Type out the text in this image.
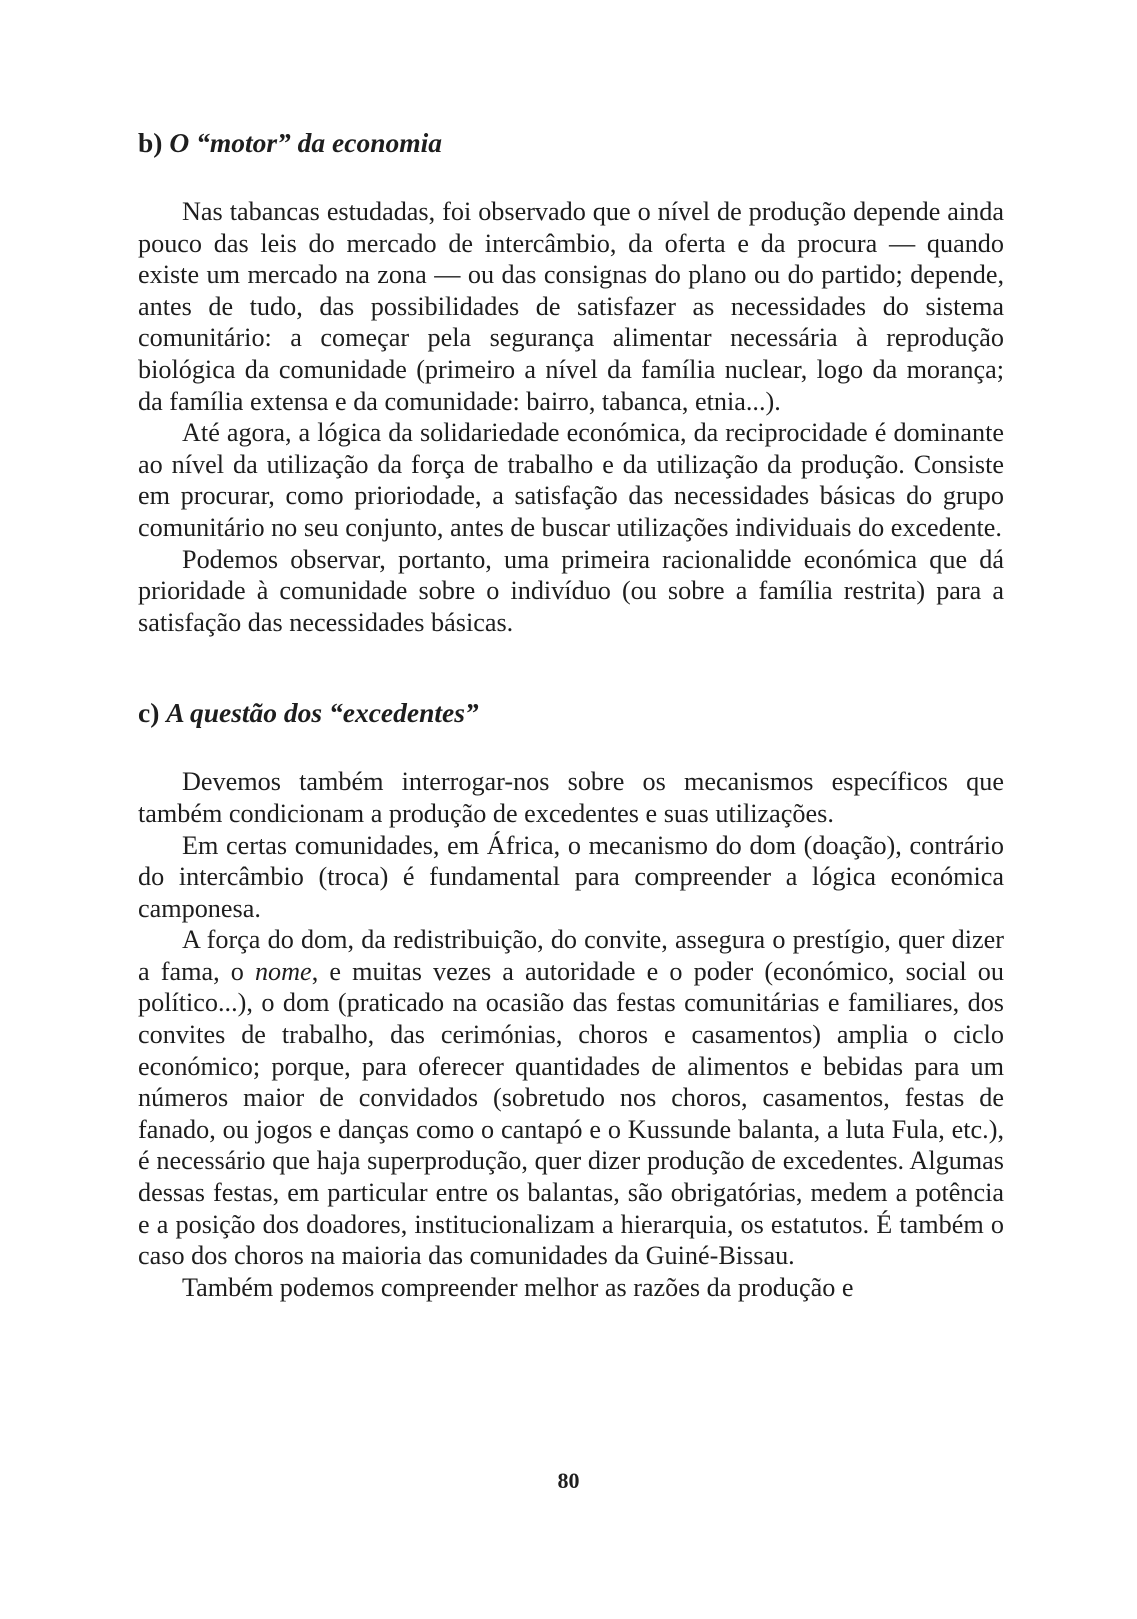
b) O “motor” da economia

Nas tabancas estudadas, foi observado que o nível de produção depende ainda pouco das leis do mercado de intercâmbio, da oferta e da procura — quando existe um mercado na zona — ou das consignas do plano ou do partido; depende, antes de tudo, das possibilidades de satisfazer as necessidades do sistema comunitário: a começar pela segurança alimentar necessária à reprodução biológica da comunidade (primeiro a nível da família nuclear, logo da morança; da família extensa e da comunidade: bairro, tabanca, etnia...).

Até agora, a lógica da solidariedade económica, da reciprocidade é dominante ao nível da utilização da força de trabalho e da utilização da produção. Consiste em procurar, como prioriodade, a satisfação das necessidades básicas do grupo comunitário no seu conjunto, antes de buscar utilizações individuais do excedente.

Podemos observar, portanto, uma primeira racionalidde económica que dá prioridade à comunidade sobre o indivíduo (ou sobre a família restrita) para a satisfação das necessidades básicas.

c) A questão dos “excedentes”

Devemos também interrogar-nos sobre os mecanismos específicos que também condicionam a produção de excedentes e suas utilizações.

Em certas comunidades, em África, o mecanismo do dom (doação), contrário do intercâmbio (troca) é fundamental para compreender a lógica económica camponesa.

A força do dom, da redistribuição, do convite, assegura o prestígio, quer dizer a fama, o nome, e muitas vezes a autoridade e o poder (económico, social ou político...), o dom (praticado na ocasião das festas comunitárias e familiares, dos convites de trabalho, das cerimónias, choros e casamentos) amplia o ciclo económico; porque, para oferecer quantidades de alimentos e bebidas para um números maior de convidados (sobretudo nos choros, casamentos, festas de fanado, ou jogos e danças como o cantapó e o Kussunde balanta, a luta Fula, etc.), é necessário que haja superprodução, quer dizer produção de excedentes. Algumas dessas festas, em particular entre os balantas, são obrigatórias, medem a potência e a posição dos doadores, institucionalizam a hierarquia, os estatutos. É também o caso dos choros na maioria das comunidades da Guiné-Bissau.

Também podemos compreender melhor as razões da produção e

80
